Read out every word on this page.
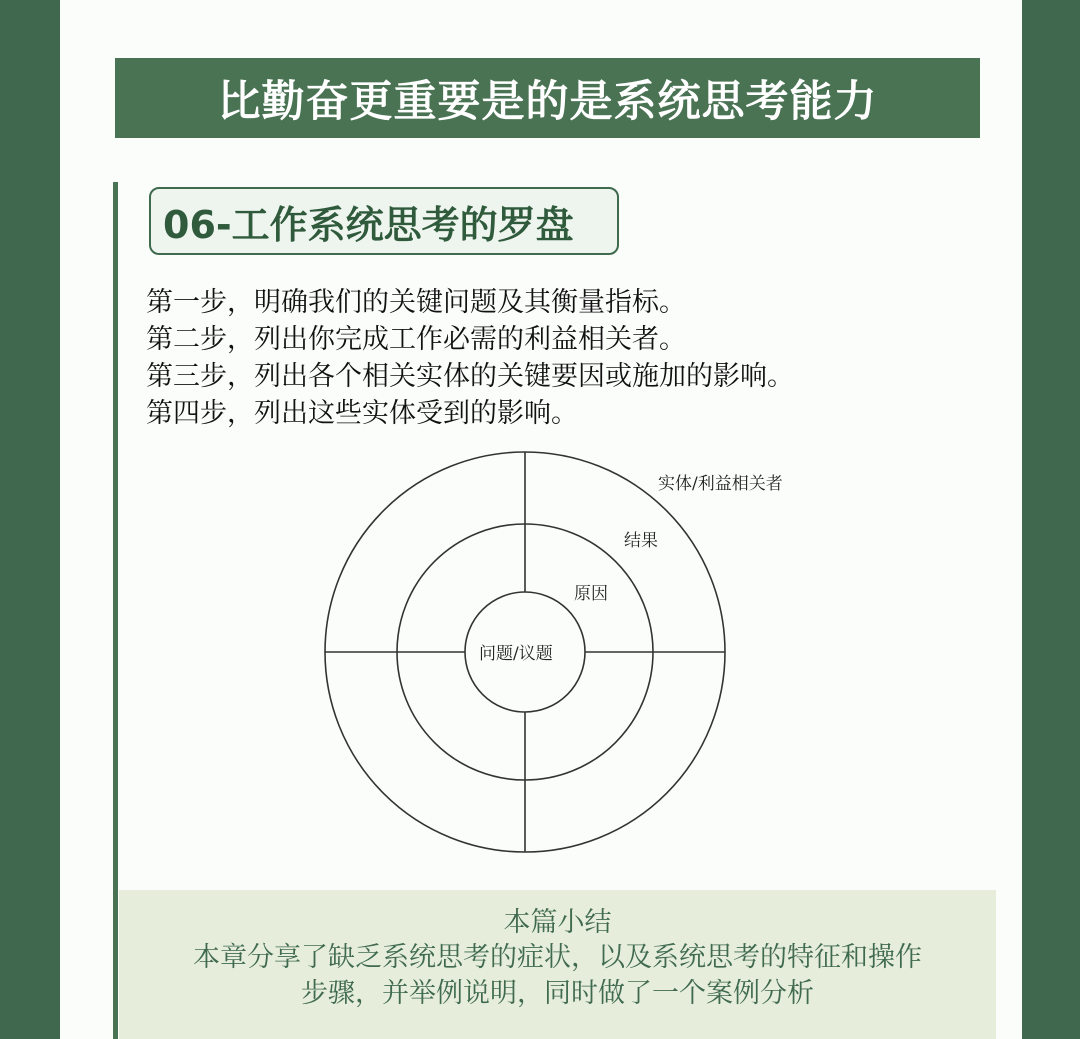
比勤奋更重要是的是系统思考能力
06-工作系统思考的罗盘
第一步，明确我们的关键问题及其衡量指标。
第二步，列出你完成工作必需的利益相关者。
第三步，列出各个相关实体的关键要因或施加的影响。
第四步，列出这些实体受到的影响。
实体/利益相关者
结果
原因
问题/议题
本篇小结
本章分享了缺乏系统思考的症状，以及系统思考的特征和操作
步骤，并举例说明，同时做了一个案例分析
